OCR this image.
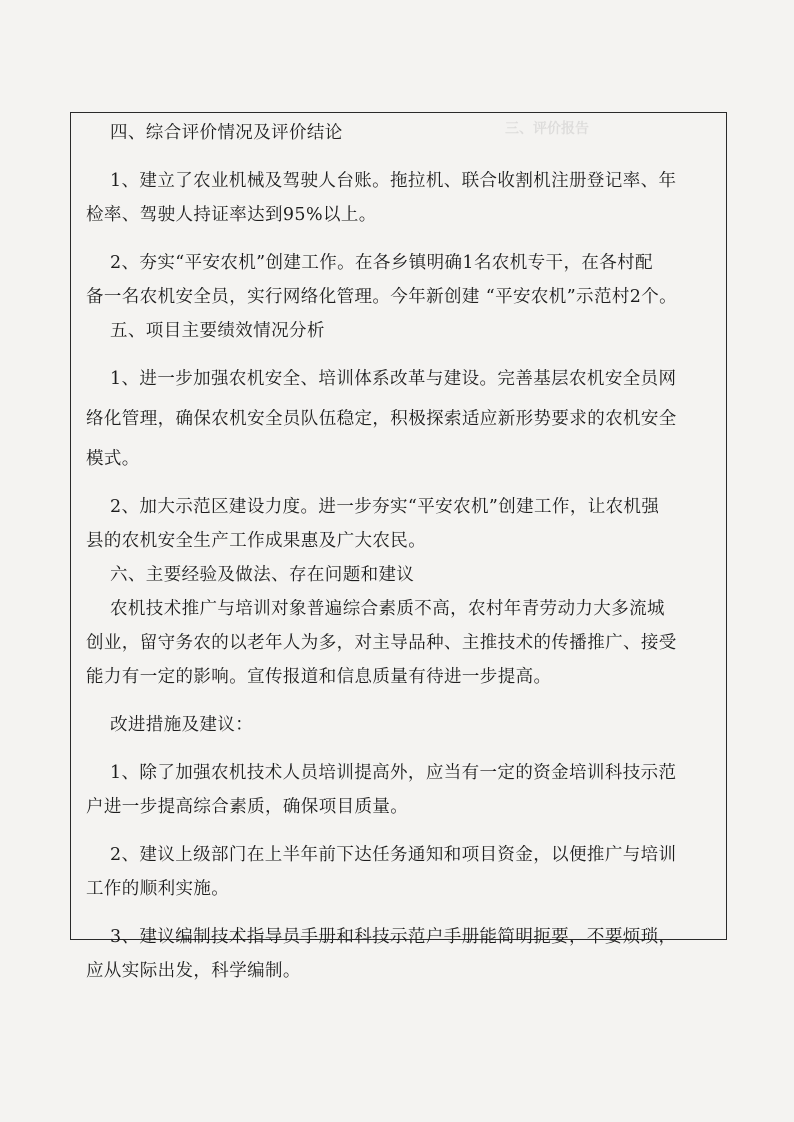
三、评价报告

四、综合评价情况及评价结论
1、建立了农业机械及驾驶人台账。拖拉机、联合收割机注册登记率、年
检率、驾驶人持证率达到95%以上。
2、夯实“平安农机”创建工作。在各乡镇明确1名农机专干，在各村配
备一名农机安全员，实行网络化管理。今年新创建 “平安农机”示范村2个。
五、项目主要绩效情况分析
1、进一步加强农机安全、培训体系改革与建设。完善基层农机安全员网
络化管理，确保农机安全员队伍稳定，积极探索适应新形势要求的农机安全
模式。
2、加大示范区建设力度。进一步夯实“平安农机”创建工作，让农机强
县的农机安全生产工作成果惠及广大农民。
六、主要经验及做法、存在问题和建议
农机技术推广与培训对象普遍综合素质不高，农村年青劳动力大多流城
创业，留守务农的以老年人为多，对主导品种、主推技术的传播推广、接受
能力有一定的影响。宣传报道和信息质量有待进一步提高。
改进措施及建议：
1、除了加强农机技术人员培训提高外，应当有一定的资金培训科技示范
户进一步提高综合素质，确保项目质量。
2、建议上级部门在上半年前下达任务通知和项目资金，以便推广与培训
工作的顺利实施。
3、建议编制技术指导员手册和科技示范户手册能简明扼要，不要烦琐，
应从实际出发，科学编制。
